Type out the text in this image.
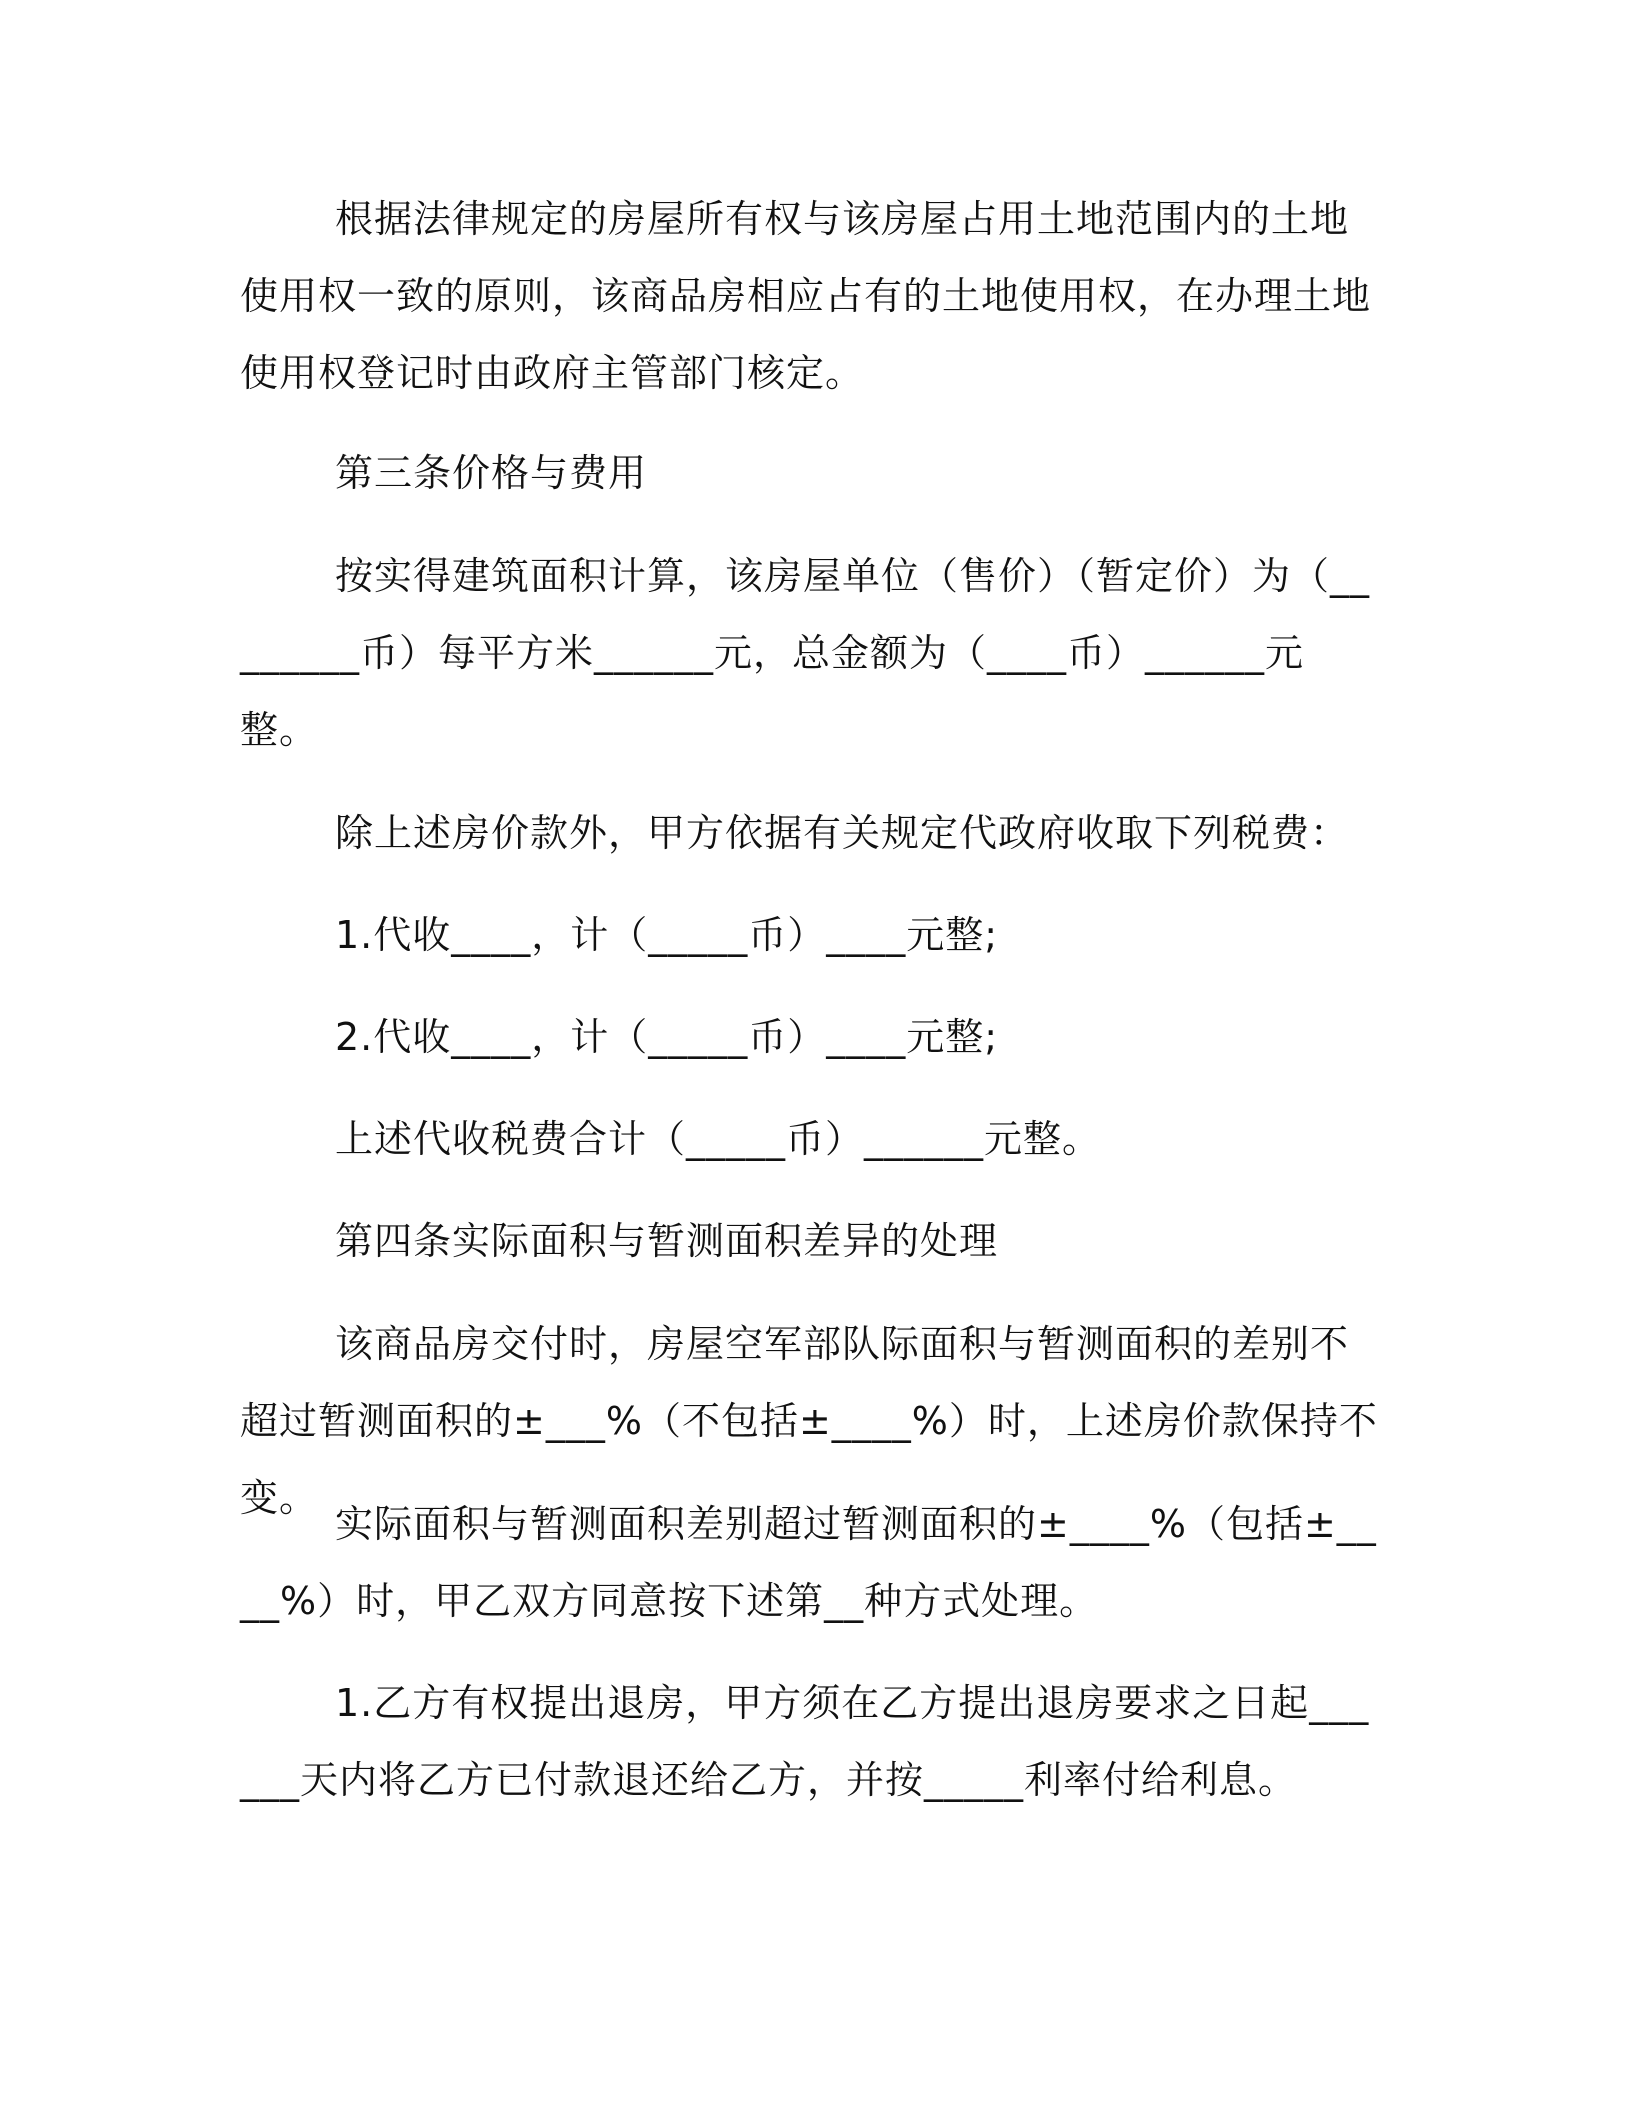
根据法律规定的房屋所有权与该房屋占用土地范围内的土地使用权一致的原则，该商品房相应占有的土地使用权，在办理土地使用权登记时由政府主管部门核定。

第三条价格与费用

按实得建筑面积计算，该房屋单位（售价）（暂定价）为（________币）每平方米______元，总金额为（____币）______元整。

除上述房价款外，甲方依据有关规定代政府收取下列税费：

1.代收____，计（_____币）____元整;

2.代收____，计（_____币）____元整;

上述代收税费合计（_____币）______元整。

第四条实际面积与暂测面积差异的处理

该商品房交付时，房屋空军部队际面积与暂测面积的差别不超过暂测面积的±___%（不包括±____%）时，上述房价款保持不变。

实际面积与暂测面积差别超过暂测面积的±____%（包括±____%）时，甲乙双方同意按下述第__种方式处理。

1.乙方有权提出退房，甲方须在乙方提出退房要求之日起______天内将乙方已付款退还给乙方，并按_____利率付给利息。
